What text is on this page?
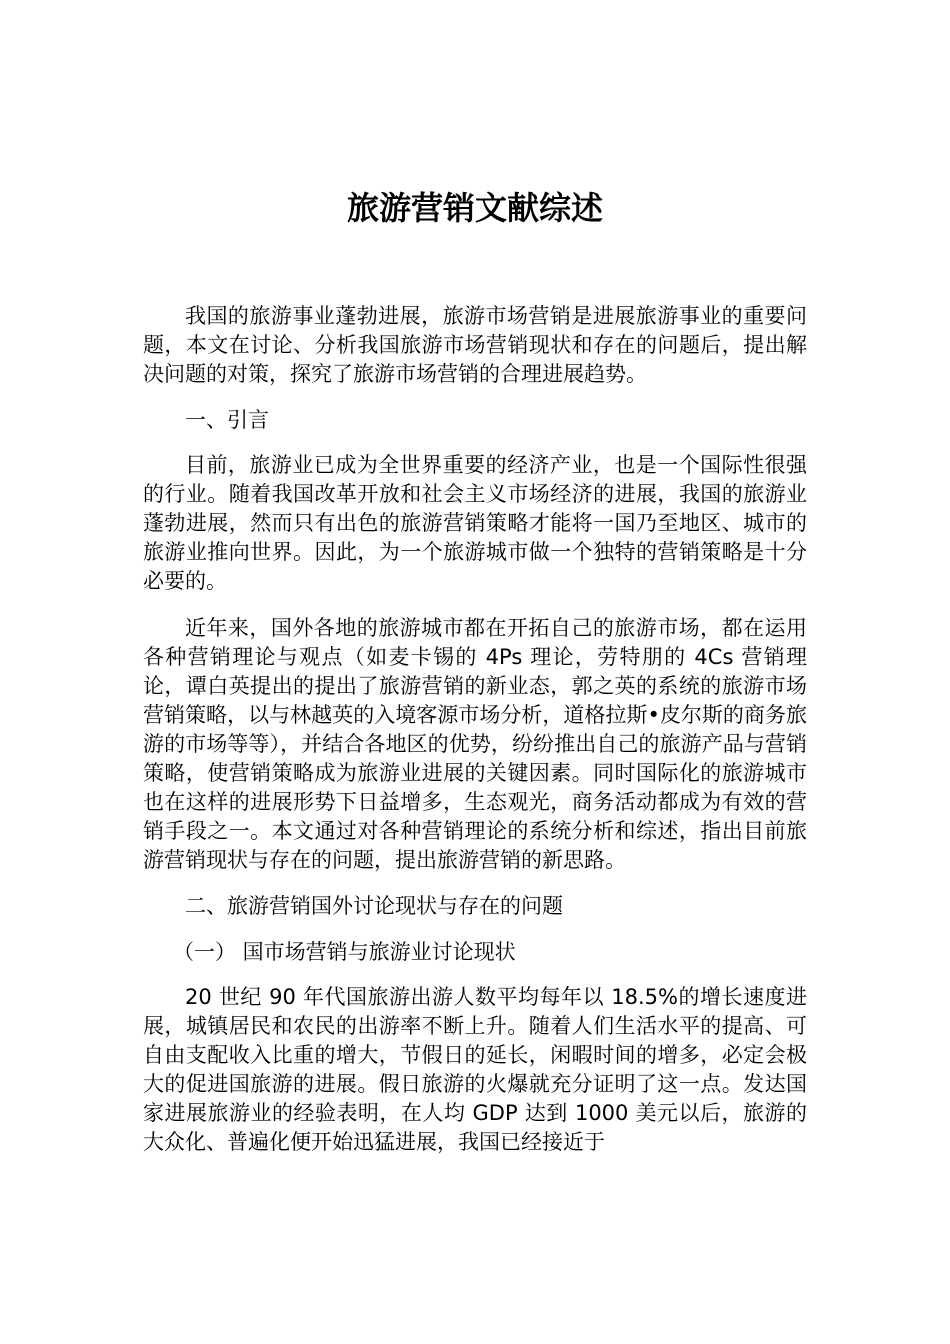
旅游营销文献综述

我国的旅游事业蓬勃进展，旅游市场营销是进展旅游事业的重要问题，本文在讨论、分析我国旅游市场营销现状和存在的问题后，提出解决问题的对策，探究了旅游市场营销的合理进展趋势。

一、引言

目前，旅游业已成为全世界重要的经济产业，也是一个国际性很强的行业。随着我国改革开放和社会主义市场经济的进展，我国的旅游业蓬勃进展，然而只有出色的旅游营销策略才能将一国乃至地区、城市的旅游业推向世界。因此，为一个旅游城市做一个独特的营销策略是十分必要的。

近年来，国外各地的旅游城市都在开拓自己的旅游市场，都在运用各种营销理论与观点（如麦卡锡的 4Ps 理论，劳特朋的 4Cs 营销理论，谭白英提出的提出了旅游营销的新业态，郭之英的系统的旅游市场营销策略，以与林越英的入境客源市场分析，道格拉斯•皮尔斯的商务旅游的市场等等），并结合各地区的优势，纷纷推出自己的旅游产品与营销策略，使营销策略成为旅游业进展的关键因素。同时国际化的旅游城市也在这样的进展形势下日益增多，生态观光，商务活动都成为有效的营销手段之一。本文通过对各种营销理论的系统分析和综述，指出目前旅游营销现状与存在的问题，提出旅游营销的新思路。

二、旅游营销国外讨论现状与存在的问题

（一） 国市场营销与旅游业讨论现状

20 世纪 90 年代国旅游出游人数平均每年以 18.5%的增长速度进展，城镇居民和农民的出游率不断上升。随着人们生活水平的提高、可自由支配收入比重的增大，节假日的延长，闲暇时间的增多，必定会极大的促进国旅游的进展。假日旅游的火爆就充分证明了这一点。发达国家进展旅游业的经验表明，在人均 GDP 达到 1000 美元以后，旅游的大众化、普遍化便开始迅猛进展，我国已经接近于
